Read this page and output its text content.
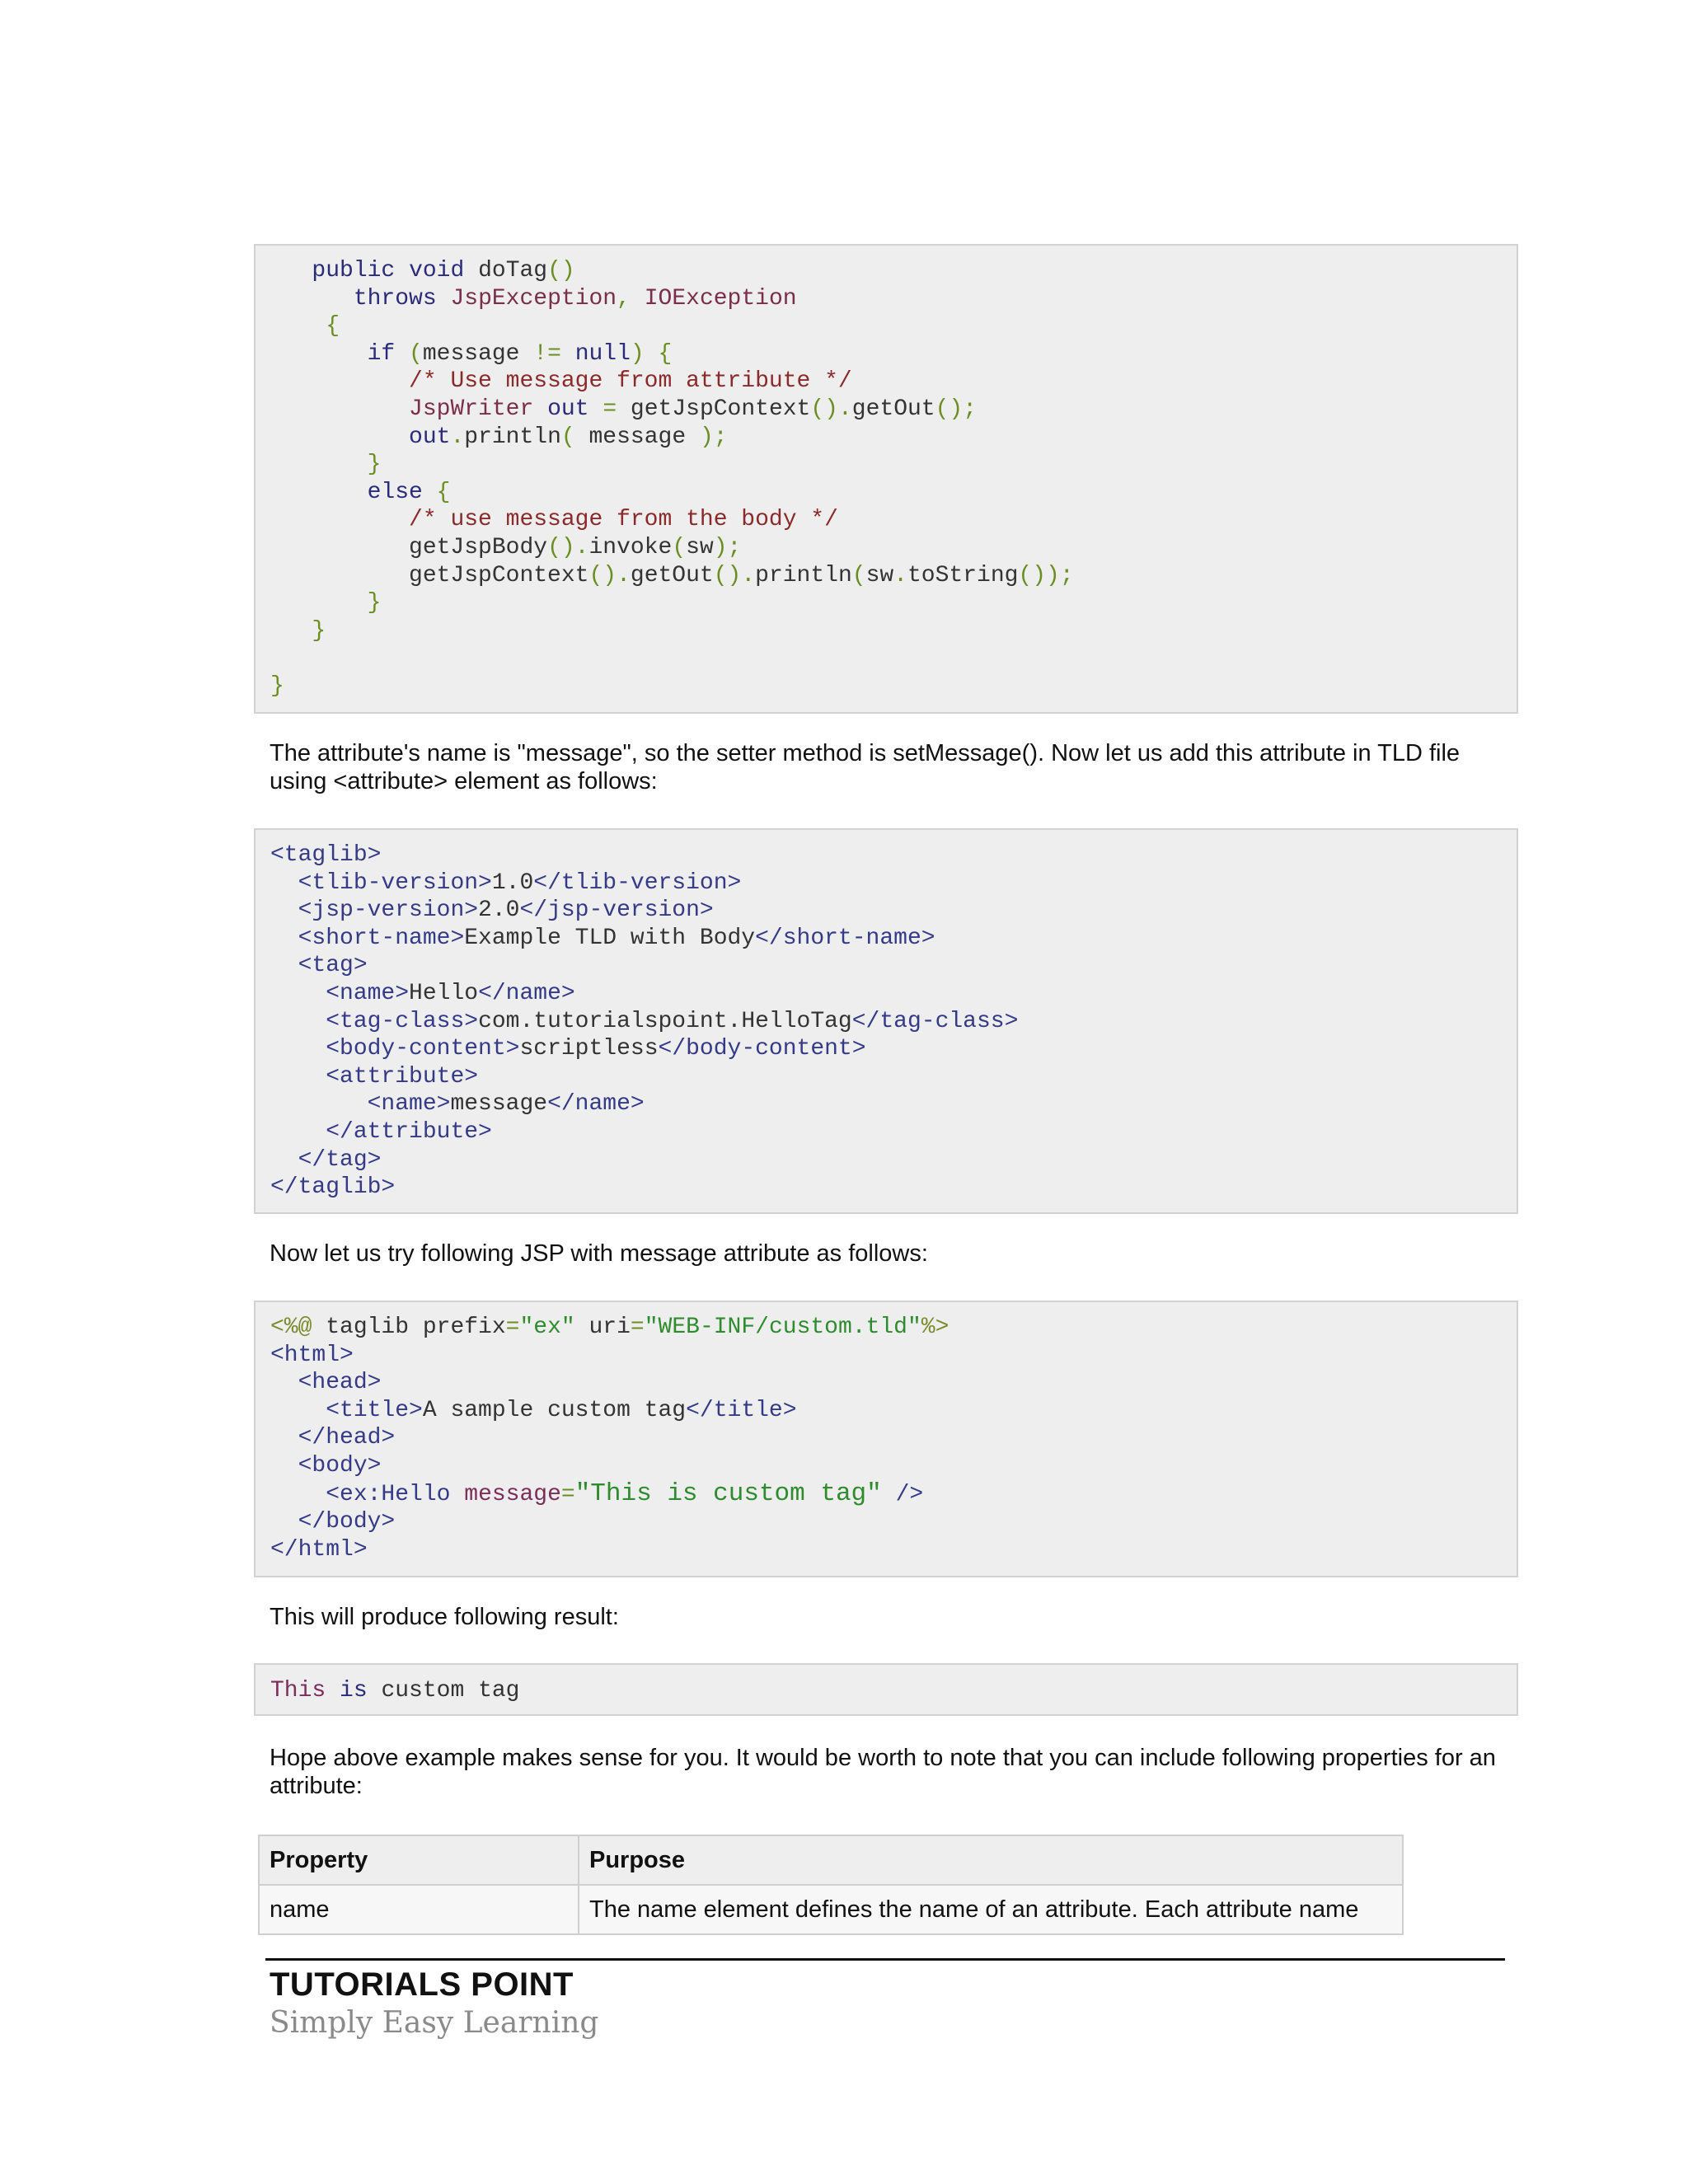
public void doTag()
throws JspException, IOException
{
if (message != null) {
/* Use message from attribute */
JspWriter out = getJspContext().getOut();
out.println( message );
}
else {
/* use message from the body */
getJspBody().invoke(sw);
getJspContext().getOut().println(sw.toString());
}
}

}

The attribute's name is "message", so the setter method is setMessage(). Now let us add this attribute in TLD file using <attribute> element as follows:

<taglib>
<tlib-version>1.0</tlib-version>
<jsp-version>2.0</jsp-version>
<short-name>Example TLD with Body</short-name>
<tag>
<name>Hello</name>
<tag-class>com.tutorialspoint.HelloTag</tag-class>
<body-content>scriptless</body-content>
<attribute>
<name>message</name>
</attribute>
</tag>
</taglib>

Now let us try following JSP with message attribute as follows:

<%@ taglib prefix="ex" uri="WEB-INF/custom.tld"%>
<html>
<head>
<title>A sample custom tag</title>
</head>
<body>
<ex:Hello message="This is custom tag" />
</body>
</html>

This will produce following result:

This is custom tag

Hope above example makes sense for you. It would be worth to note that you can include following properties for an attribute:

Property	Purpose
name	The name element defines the name of an attribute. Each attribute name
TUTORIALS POINT
Simply Easy Learning
